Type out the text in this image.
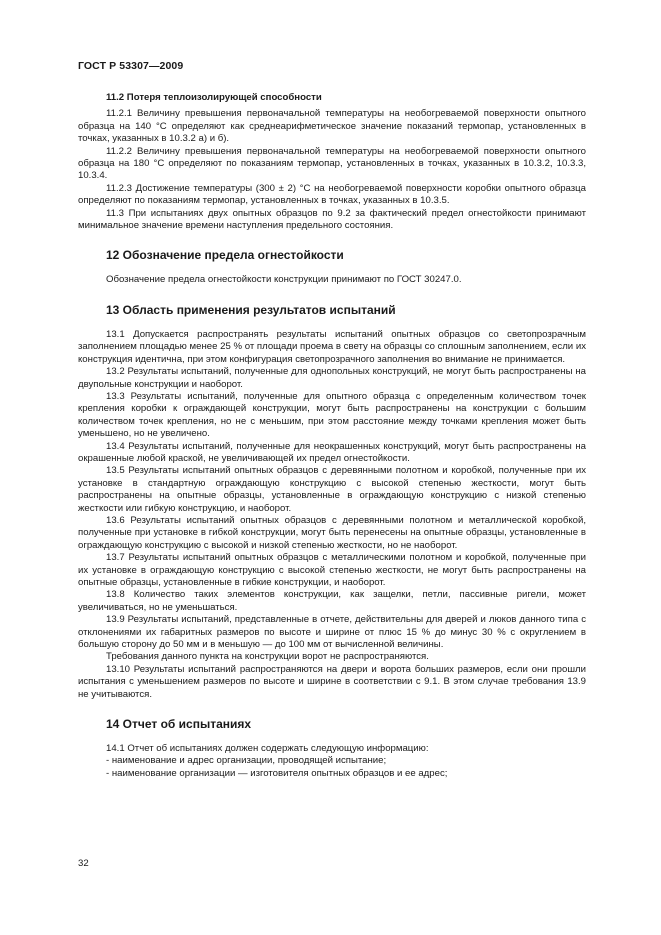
ГОСТ Р 53307—2009

11.2 Потеря теплоизолирующей способности

11.2.1 Величину превышения первоначальной температуры на необогреваемой поверхности опытного образца на 140 °С определяют как среднеарифметическое значение показаний термопар, установленных в точках, указанных в 10.3.2 а) и б).

11.2.2 Величину превышения первоначальной температуры на необогреваемой поверхности опытного образца на 180 °С определяют по показаниям термопар, установленных в точках, указанных в 10.3.2, 10.3.3, 10.3.4.

11.2.3 Достижение температуры (300 ± 2) °С на необогреваемой поверхности коробки опытного образца определяют по показаниям термопар, установленных в точках, указанных в 10.3.5.

11.3 При испытаниях двух опытных образцов по 9.2 за фактический предел огнестойкости принимают минимальное значение времени наступления предельного состояния.

12 Обозначение предела огнестойкости

Обозначение предела огнестойкости конструкции принимают по ГОСТ 30247.0.

13 Область применения результатов испытаний

13.1 Допускается распространять результаты испытаний опытных образцов со светопрозрачным заполнением площадью менее 25 % от площади проема в свету на образцы со сплошным заполнением, если их конструкция идентична, при этом конфигурация светопрозрачного заполнения во внимание не принимается.

13.2 Результаты испытаний, полученные для однопольных конструкций, не могут быть распространены на двупольные конструкции и наоборот.

13.3 Результаты испытаний, полученные для опытного образца с определенным количеством точек крепления коробки к ограждающей конструкции, могут быть распространены на конструкции с большим количеством точек крепления, но не с меньшим, при этом расстояние между точками крепления может быть уменьшено, но не увеличено.

13.4 Результаты испытаний, полученные для неокрашенных конструкций, могут быть распространены на окрашенные любой краской, не увеличивающей их предел огнестойкости.

13.5 Результаты испытаний опытных образцов с деревянными полотном и коробкой, полученные при их установке в стандартную ограждающую конструкцию с высокой степенью жесткости, могут быть распространены на опытные образцы, установленные в ограждающую конструкцию с низкой степенью жесткости или гибкую конструкцию, и наоборот.

13.6 Результаты испытаний опытных образцов с деревянными полотном и металлической коробкой, полученные при установке в гибкой конструкции, могут быть перенесены на опытные образцы, установленные в ограждающую конструкцию с высокой и низкой степенью жесткости, но не наоборот.

13.7 Результаты испытаний опытных образцов с металлическими полотном и коробкой, полученные при их установке в ограждающую конструкцию с высокой степенью жесткости, не могут быть распространены на опытные образцы, установленные в гибкие конструкции, и наоборот.

13.8 Количество таких элементов конструкции, как защелки, петли, пассивные ригели, может увеличиваться, но не уменьшаться.

13.9 Результаты испытаний, представленные в отчете, действительны для дверей и люков данного типа с отклонениями их габаритных размеров по высоте и ширине от плюс 15 % до минус 30 % с округлением в большую сторону до 50 мм и в меньшую — до 100 мм от вычисленной величины.

Требования данного пункта на конструкции ворот не распространяются.

13.10 Результаты испытаний распространяются на двери и ворота больших размеров, если они прошли испытания с уменьшением размеров по высоте и ширине в соответствии с 9.1. В этом случае требования 13.9 не учитываются.

14 Отчет об испытаниях

14.1 Отчет об испытаниях должен содержать следующую информацию:

- наименование и адрес организации, проводящей испытание;
- наименование организации — изготовителя опытных образцов и ее адрес;
32
